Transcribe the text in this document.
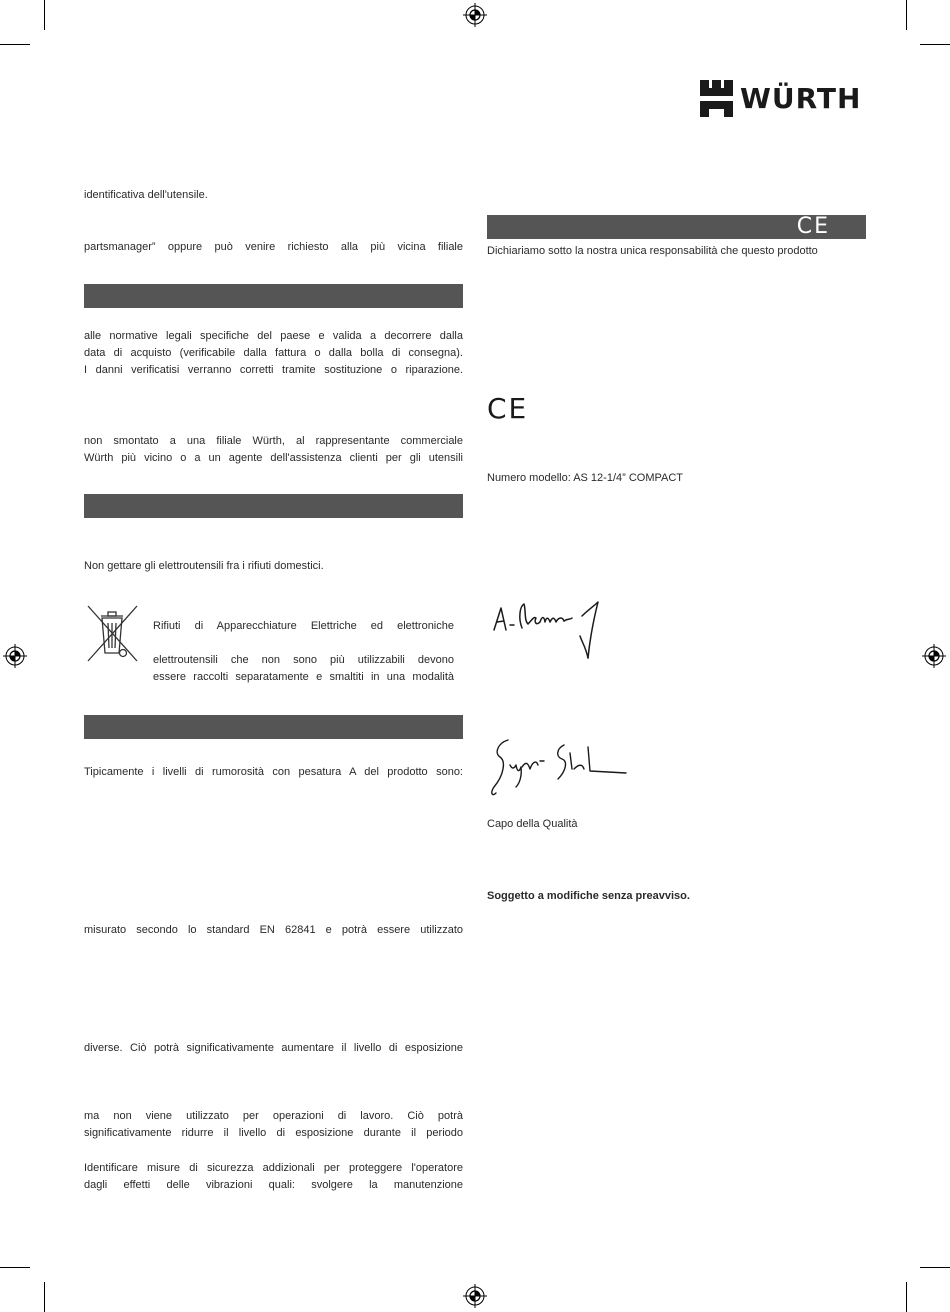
WÜRTH
identificativa dell'utensile.
partsmanager” oppure può venire richiesto alla più vicina filiale
alle normative legali specifiche del paese e valida a decorrere dalla
data di acquisto (verificabile dalla fattura o dalla bolla di consegna).
I danni verificatisi verranno corretti tramite sostituzione o riparazione.
non smontato a una filiale Würth, al rappresentante commerciale
Würth più vicino o a un agente dell'assistenza clienti per gli utensili
Non gettare gli elettroutensili fra i rifiuti domestici.
Rifiuti di Apparecchiature Elettriche ed elettroniche
elettroutensili che non sono più utilizzabili devono
essere raccolti separatamente e smaltiti in una modalità
Tipicamente i livelli di rumorosità con pesatura A del prodotto sono:
misurato secondo lo standard EN 62841 e potrà essere utilizzato
diverse. Ciò potrà significativamente aumentare il livello di esposizione
ma non viene utilizzato per operazioni di lavoro. Ciò potrà
significativamente ridurre il livello di esposizione durante il periodo
Identificare misure di sicurezza addizionali per proteggere l'operatore
dagli effetti delle vibrazioni quali: svolgere la manutenzione
CE
Dichiariamo sotto la nostra unica responsabilità che questo prodotto
CE
Numero modello: AS 12-1/4” COMPACT
Capo della Qualità
Soggetto a modifiche senza preavviso.
